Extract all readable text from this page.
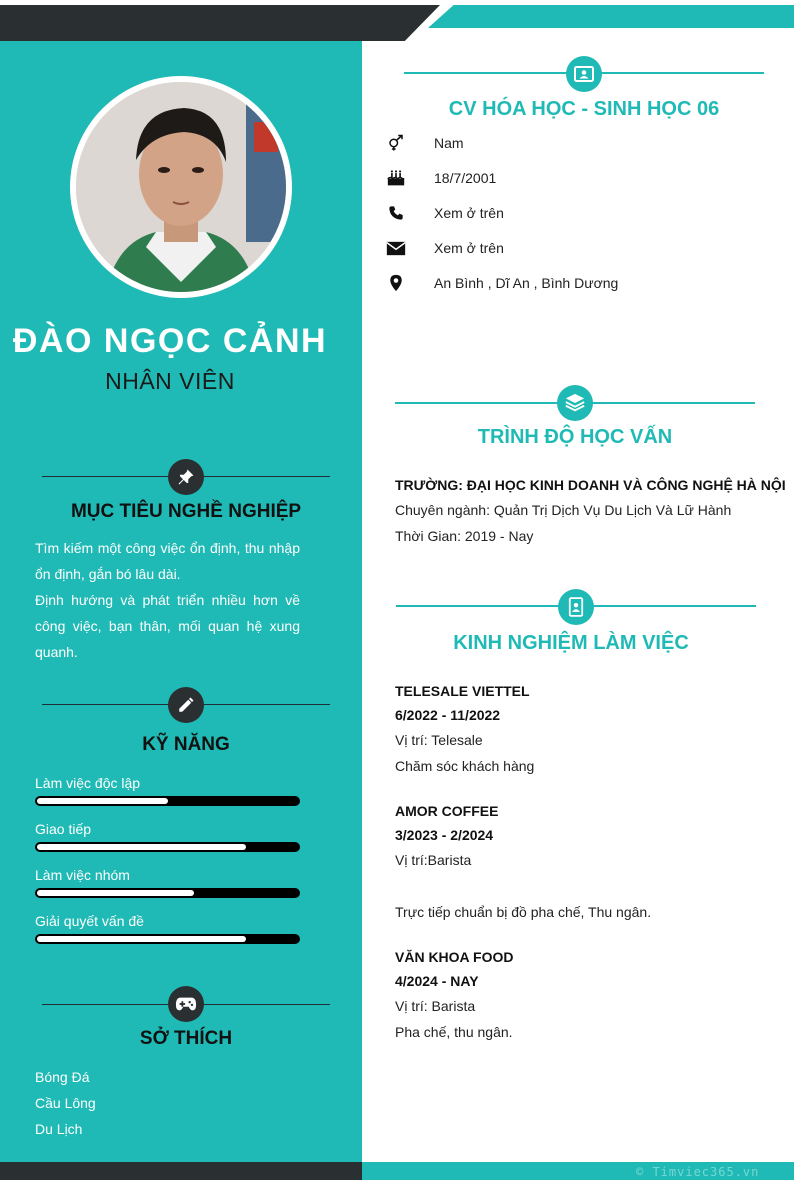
ĐÀO NGỌC CẢNH
NHÂN VIÊN
MỤC TIÊU NGHỀ NGHIỆP
Tìm kiếm một công việc ổn định, thu nhập ổn định, gắn bó lâu dài.
Định hướng và phát triển nhiều hơn về công việc, bạn thân, mối quan hệ xung quanh.
KỸ NĂNG
Làm việc độc lập
Giao tiếp
Làm việc nhóm
Giải quyết vấn đề
SỞ THÍCH
Bóng Đá
Cầu Lông
Du Lịch
CV HÓA HỌC - SINH HỌC 06
Nam
18/7/2001
Xem ở trên
Xem ở trên
An Bình , Dĩ An , Bình Dương
TRÌNH ĐỘ HỌC VẤN
TRƯỜNG: ĐẠI HỌC KINH DOANH VÀ CÔNG NGHỆ HÀ NỘI
Chuyên ngành: Quản Trị Dịch Vụ Du Lịch Và Lữ Hành
Thời Gian: 2019 - Nay
KINH NGHIỆM LÀM VIỆC
TELESALE VIETTEL
6/2022 - 11/2022
Vị trí: Telesale
Chăm sóc khách hàng
AMOR COFFEE
3/2023 - 2/2024
Vị trí:Barista
Trực tiếp chuẩn bị đồ pha chế, Thu ngân.
VĂN KHOA FOOD
4/2024 - NAY
Vị trí: Barista
Pha chế, thu ngân.
© Timviec365.vn
